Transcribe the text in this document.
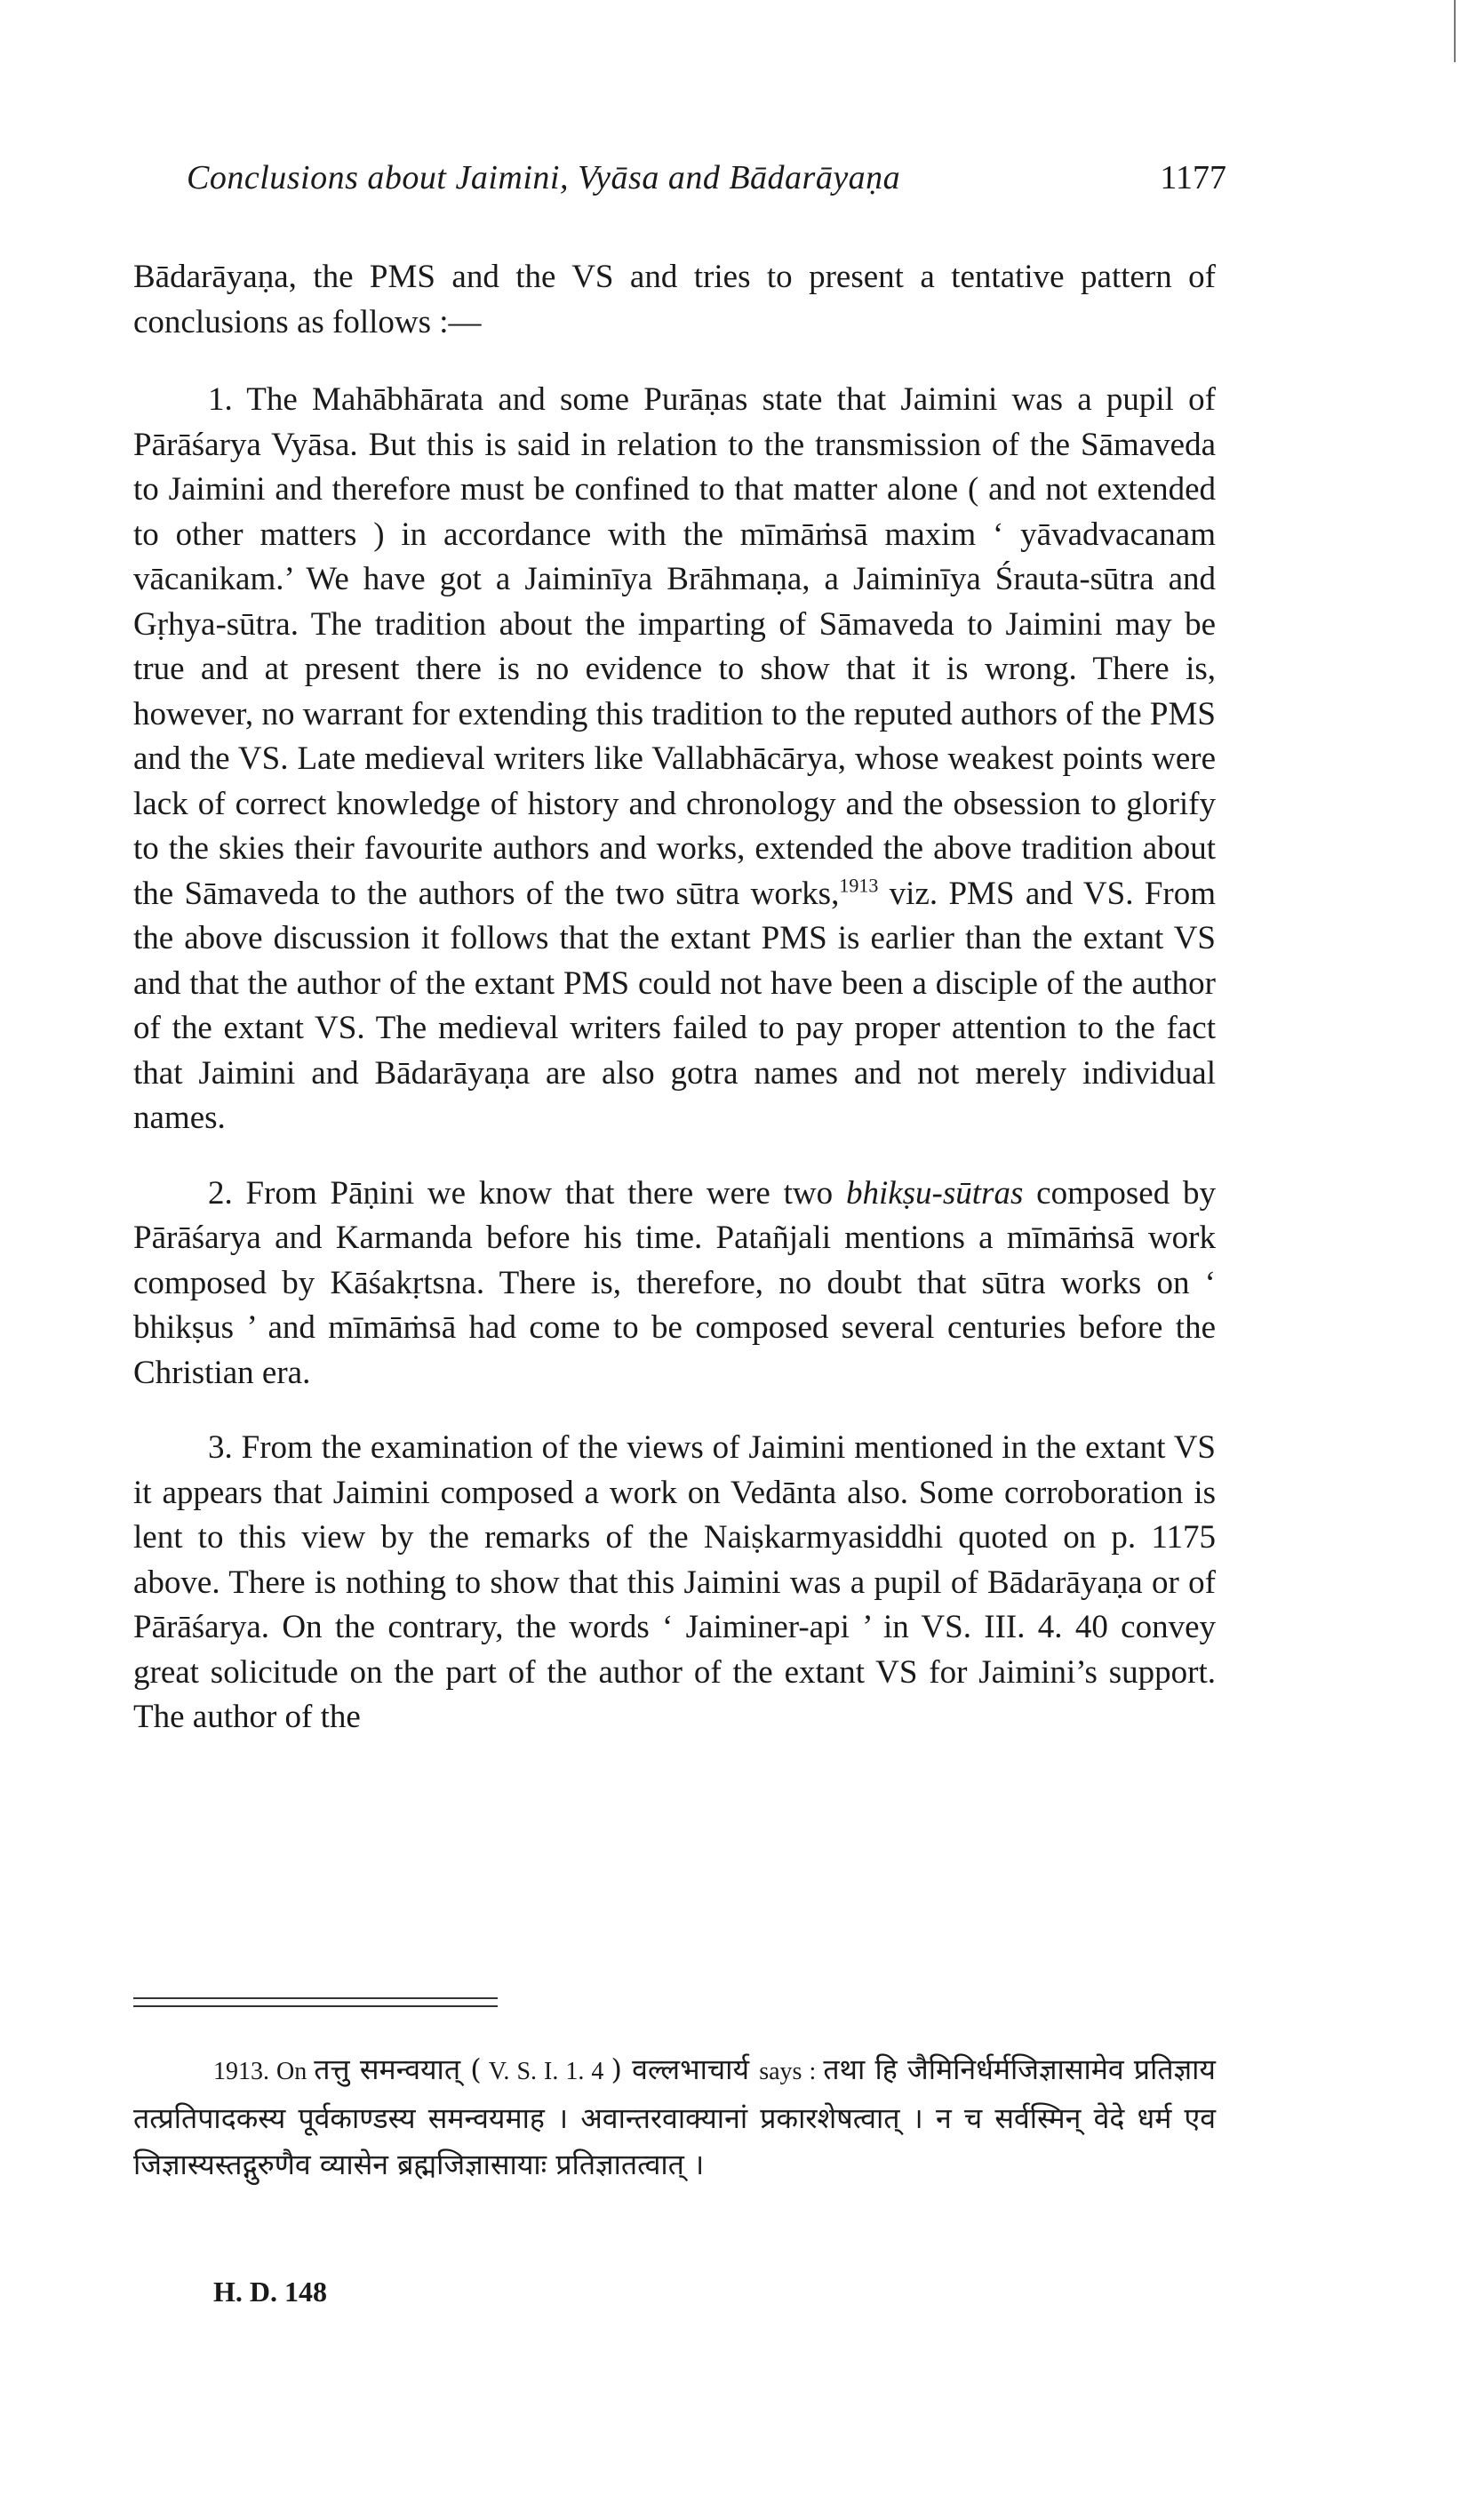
Conclusions about Jaimini, Vyāsa and Bādarāyaṇa	1177

Bādarāyaṇa, the PMS and the VS and tries to present a tentative pattern of conclusions as follows :—

1. The Mahābhārata and some Purāṇas state that Jaimini was a pupil of Pārāśarya Vyāsa. But this is said in relation to the transmission of the Sāmaveda to Jaimini and therefore must be confined to that matter alone ( and not extended to other matters ) in accordance with the mīmāṁsā maxim ‘ yāvadvacanam vācanikam.’ We have got a Jaiminīya Brāhmaṇa, a Jaiminīya Śrauta-sūtra and Gṛhya-sūtra. The tradition about the imparting of Sāmaveda to Jaimini may be true and at present there is no evidence to show that it is wrong. There is, however, no warrant for extending this tradition to the reputed authors of the PMS and the VS. Late medieval writers like Vallabhācārya, whose weakest points were lack of correct knowledge of history and chronology and the obsession to glorify to the skies their favourite authors and works, extended the above tradition about the Sāmaveda to the authors of the two sūtra works,$^{1913}$ viz. PMS and VS. From the above discussion it follows that the extant PMS is earlier than the extant VS and that the author of the extant PMS could not have been a disciple of the author of the extant VS. The medieval writers failed to pay proper attention to the fact that Jaimini and Bādarāyaṇa are also gotra names and not merely individual names.

2. From Pāṇini we know that there were two bhikṣu-sūtras composed by Pārāśarya and Karmanda before his time. Patañjali mentions a mīmāṁsā work composed by Kāśakṛtsna. There is, therefore, no doubt that sūtra works on ‘ bhikṣus ’ and mīmāṁsā had come to be composed several centuries before the Christian era.

3. From the examination of the views of Jaimini mentioned in the extant VS it appears that Jaimini composed a work on Vedānta also. Some corroboration is lent to this view by the remarks of the Naiṣkarmyasiddhi quoted on p. 1175 above. There is nothing to show that this Jaimini was a pupil of Bādarāyaṇa or of Pārāśarya. On the contrary, the words ‘ Jaiminer-api ’ in VS. III. 4. 40 convey great solicitude on the part of the author of the extant VS for Jaimini’s support. The author of the

1913. On तत्तु समन्वयात् ( V. S. I. 1. 4 ) वल्लभाचार्य says : तथा हि जैमिनिर्धर्मजिज्ञासामेव प्रतिज्ञाय तत्प्रतिपादकस्य पूर्वकाण्डस्य समन्वयमाह । अवान्तरवाक्यानां प्रकारशेषत्वात् । न च सर्वस्मिन् वेदे धर्म एव जिज्ञास्यस्तद्गुरुणैव व्यासेन ब्रह्मजिज्ञासायाः प्रतिज्ञातत्वात् ।

H. D. 148
